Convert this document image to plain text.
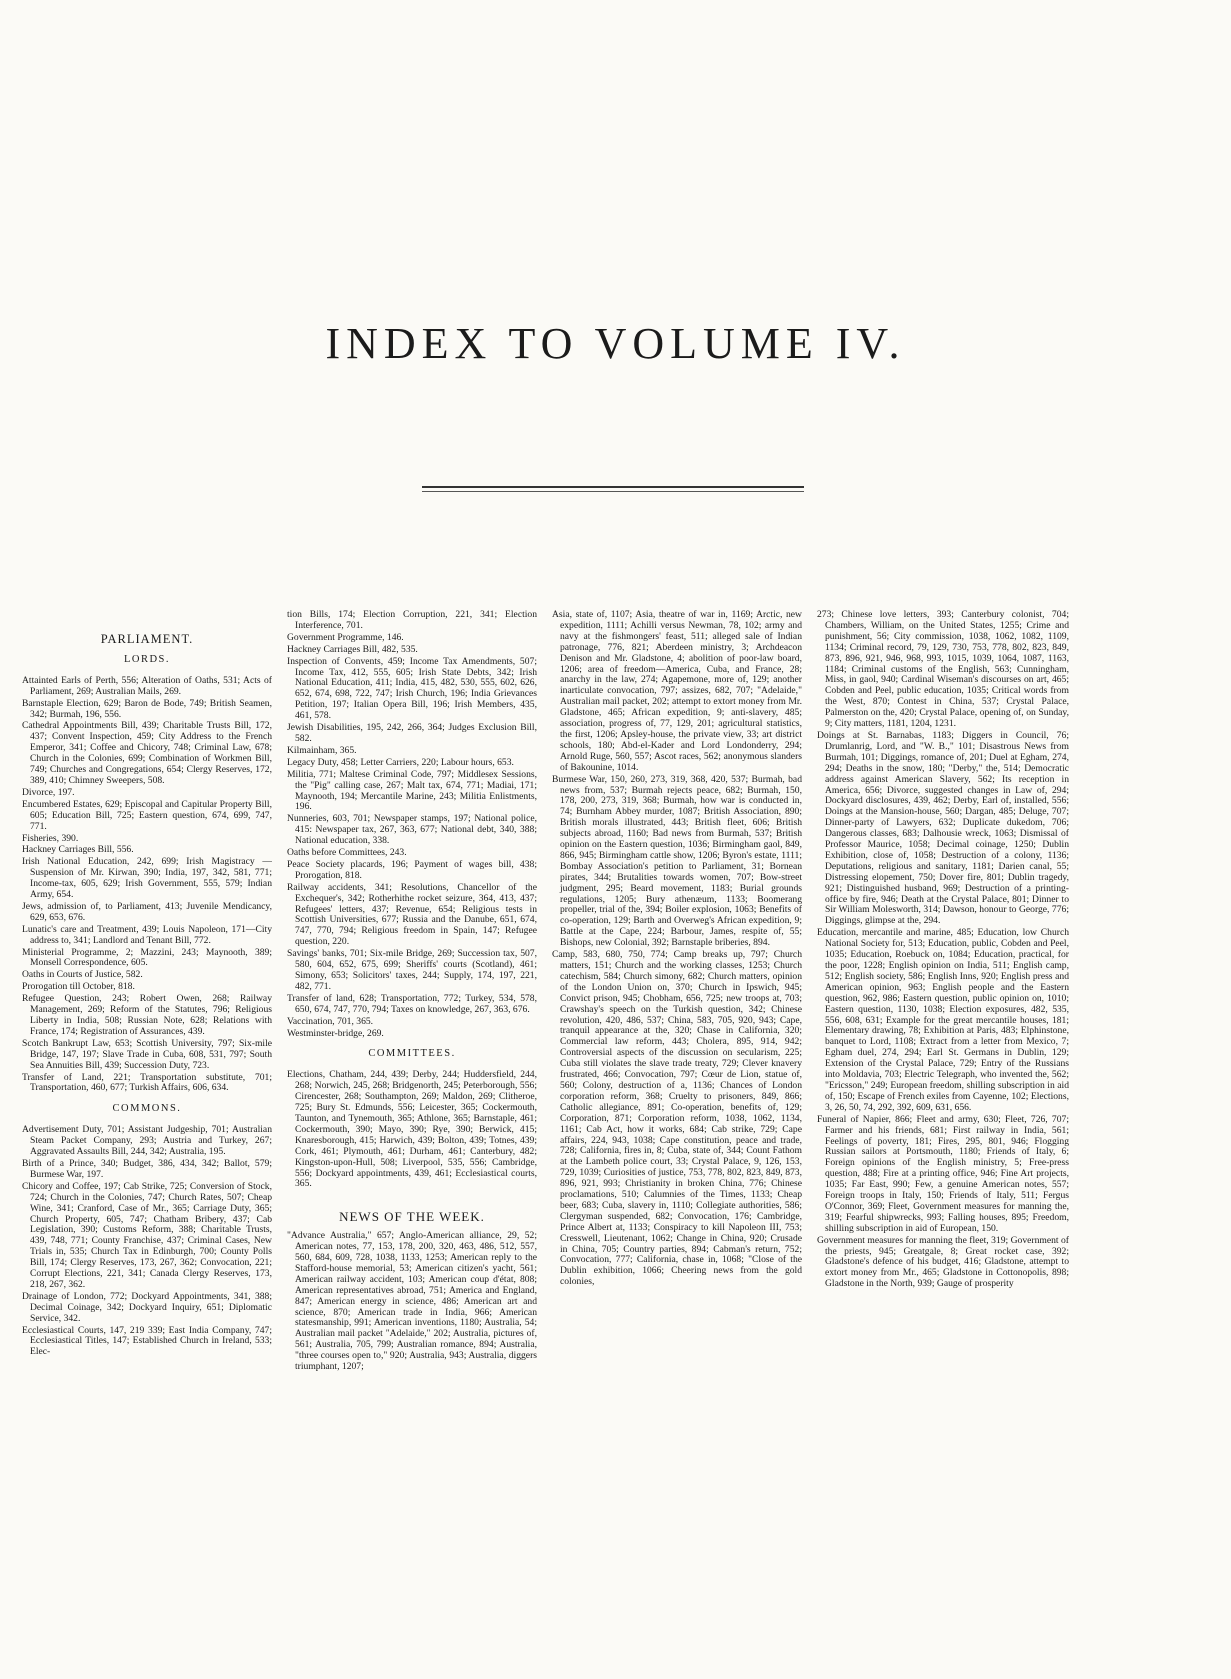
INDEX TO VOLUME IV.
PARLIAMENT.
LORDS.

Attainted Earls of Perth, 556; Alteration of Oaths, 531; Acts of Parliament, 269; Australian Mails, 269.

Barnstaple Election, 629; Baron de Bode, 749; British Seamen, 342; Burmah, 196, 556.

Cathedral Appointments Bill, 439; Charitable Trusts Bill, 172, 437; Convent Inspection, 459; City Address to the French Emperor, 341; Coffee and Chicory, 748; Criminal Law, 678; Church in the Colonies, 699; Combination of Workmen Bill, 749; Churches and Congregations, 654; Clergy Reserves, 172, 389, 410; Chimney Sweepers, 508.

Divorce, 197.

Encumbered Estates, 629; Episcopal and Capitular Property Bill, 605; Education Bill, 725; Eastern question, 674, 699, 747, 771.

Fisheries, 390.

Hackney Carriages Bill, 556.

Irish National Education, 242, 699; Irish Magistracy — Suspension of Mr. Kirwan, 390; India, 197, 342, 581, 771; Income-tax, 605, 629; Irish Government, 555, 579; Indian Army, 654.

Jews, admission of, to Parliament, 413; Juvenile Mendicancy, 629, 653, 676.

Lunatic's care and Treatment, 439; Louis Napoleon, 171—City address to, 341; Landlord and Tenant Bill, 772.

Ministerial Programme, 2; Mazzini, 243; Maynooth, 389; Monsell Correspondence, 605.

Oaths in Courts of Justice, 582.

Prorogation till October, 818.

Refugee Question, 243; Robert Owen, 268; Railway Management, 269; Reform of the Statutes, 796; Religious Liberty in India, 508; Russian Note, 628; Relations with France, 174; Registration of Assurances, 439.

Scotch Bankrupt Law, 653; Scottish University, 797; Six-mile Bridge, 147, 197; Slave Trade in Cuba, 608, 531, 797; South Sea Annuities Bill, 439; Succession Duty, 723.

Transfer of Land, 221; Transportation substitute, 701; Transportation, 460, 677; Turkish Affairs, 606, 634.

COMMONS.

Advertisement Duty, 701; Assistant Judgeship, 701; Australian Steam Packet Company, 293; Austria and Turkey, 267; Aggravated Assaults Bill, 244, 342; Australia, 195.

Birth of a Prince, 340; Budget, 386, 434, 342; Ballot, 579; Burmese War, 197.

Chicory and Coffee, 197; Cab Strike, 725; Conversion of Stock, 724; Church in the Colonies, 747; Church Rates, 507; Cheap Wine, 341; Cranford, Case of Mr., 365; Carriage Duty, 365; Church Property, 605, 747; Chatham Bribery, 437; Cab Legislation, 390; Customs Reform, 388; Charitable Trusts, 439, 748, 771; County Franchise, 437; Criminal Cases, New Trials in, 535; Church Tax in Edinburgh, 700; County Polls Bill, 174; Clergy Reserves, 173, 267, 362; Convocation, 221; Corrupt Elections, 221, 341; Canada Clergy Reserves, 173, 218, 267, 362.

Drainage of London, 772; Dockyard Appointments, 341, 388; Decimal Coinage, 342; Dockyard Inquiry, 651; Diplomatic Service, 342.

Ecclesiastical Courts, 147, 219 339; East India Company, 747; Ecclesiastical Titles, 147; Established Church in Ireland, 533; Elec-

tion Bills, 174; Election Corruption, 221, 341; Election Interference, 701.

Government Programme, 146.

Hackney Carriages Bill, 482, 535.

Inspection of Convents, 459; Income Tax Amendments, 507; Income Tax, 412, 555, 605; Irish State Debts, 342; Irish National Education, 411; India, 415, 482, 530, 555, 602, 626, 652, 674, 698, 722, 747; Irish Church, 196; India Grievances Petition, 197; Italian Opera Bill, 196; Irish Members, 435, 461, 578.

Jewish Disabilities, 195, 242, 266, 364; Judges Exclusion Bill, 582.

Kilmainham, 365.

Legacy Duty, 458; Letter Carriers, 220; Labour hours, 653.

Militia, 771; Maltese Criminal Code, 797; Middlesex Sessions, the "Pig" calling case, 267; Malt tax, 674, 771; Madiai, 171; Maynooth, 194; Mercantile Marine, 243; Militia Enlistments, 196.

Nunneries, 603, 701; Newspaper stamps, 197; National police, 415: Newspaper tax, 267, 363, 677; National debt, 340, 388; National education, 338.

Oaths before Committees, 243.

Peace Society placards, 196; Payment of wages bill, 438; Prorogation, 818.

Railway accidents, 341; Resolutions, Chancellor of the Exchequer's, 342; Rotherhithe rocket seizure, 364, 413, 437; Refugees' letters, 437; Revenue, 654; Religious tests in Scottish Universities, 677; Russia and the Danube, 651, 674, 747, 770, 794; Religious freedom in Spain, 147; Refugee question, 220.

Savings' banks, 701; Six-mile Bridge, 269; Succession tax, 507, 580, 604, 652, 675, 699; Sheriffs' courts (Scotland), 461; Simony, 653; Solicitors' taxes, 244; Supply, 174, 197, 221, 482, 771.

Transfer of land, 628; Transportation, 772; Turkey, 534, 578, 650, 674, 747, 770, 794; Taxes on knowledge, 267, 363, 676.

Vaccination, 701, 365.

Westminster-bridge, 269.

COMMITTEES.

Elections, Chatham, 244, 439; Derby, 244; Huddersfield, 244, 268; Norwich, 245, 268; Bridgenorth, 245; Peterborough, 556; Cirencester, 268; Southampton, 269; Maldon, 269; Clitheroe, 725; Bury St. Edmunds, 556; Leicester, 365; Cockermouth, Taunton, and Tynemouth, 365; Athlone, 365; Barnstaple, 461; Cockermouth, 390; Mayo, 390; Rye, 390; Berwick, 415; Knaresborough, 415; Harwich, 439; Bolton, 439; Totnes, 439; Cork, 461; Plymouth, 461; Durham, 461; Canterbury, 482; Kingston-upon-Hull, 508; Liverpool, 535, 556; Cambridge, 556; Dockyard appointments, 439, 461; Ecclesiastical courts, 365.

NEWS OF THE WEEK.

"Advance Australia," 657; Anglo-American alliance, 29, 52; American notes, 77, 153, 178, 200, 320, 463, 486, 512, 557, 560, 684, 609, 728, 1038, 1133, 1253; American reply to the Stafford-house memorial, 53; American citizen's yacht, 561; American railway accident, 103; American coup d'état, 808; American representatives abroad, 751; America and England, 847; American energy in science, 486; American art and science, 870; American trade in India, 966; American statesmanship, 991; American inventions, 1180; Australia, 54; Australian mail packet "Adelaide," 202; Australia, pictures of, 561; Australia, 705, 799; Australian romance, 894; Australia, "three courses open to," 920; Australia, 943; Australia, diggers triumphant, 1207;

Asia, state of, 1107; Asia, theatre of war in, 1169; Arctic, new expedition, 1111; Achilli versus Newman, 78, 102; army and navy at the fishmongers' feast, 511; alleged sale of Indian patronage, 776, 821; Aberdeen ministry, 3; Archdeacon Denison and Mr. Gladstone, 4; abolition of poor-law board, 1206; area of freedom—America, Cuba, and France, 28; anarchy in the law, 274; Agapemone, more of, 129; another inarticulate convocation, 797; assizes, 682, 707; "Adelaide," Australian mail packet, 202; attempt to extort money from Mr. Gladstone, 465; African expedition, 9; anti-slavery, 485; association, progress of, 77, 129, 201; agricultural statistics, the first, 1206; Apsley-house, the private view, 33; art district schools, 180; Abd-el-Kader and Lord Londonderry, 294; Arnold Ruge, 560, 557; Ascot races, 562; anonymous slanders of Bakounine, 1014.

Burmese War, 150, 260, 273, 319, 368, 420, 537; Burmah, bad news from, 537; Burmah rejects peace, 682; Burmah, 150, 178, 200, 273, 319, 368; Burmah, how war is conducted in, 74; Burnham Abbey murder, 1087; British Association, 890; British morals illustrated, 443; British fleet, 606; British subjects abroad, 1160; Bad news from Burmah, 537; British opinion on the Eastern question, 1036; Birmingham gaol, 849, 866, 945; Birmingham cattle show, 1206; Byron's estate, 1111; Bombay Association's petition to Parliament, 31; Bornean pirates, 344; Brutalities towards women, 707; Bow-street judgment, 295; Beard movement, 1183; Burial grounds regulations, 1205; Bury athenæum, 1133; Boomerang propeller, trial of the, 394; Boiler explosion, 1063; Benefits of co-operation, 129; Barth and Overweg's African expedition, 9; Battle at the Cape, 224; Barbour, James, respite of, 55; Bishops, new Colonial, 392; Barnstaple briberies, 894.

Camp, 583, 680, 750, 774; Camp breaks up, 797; Church matters, 151; Church and the working classes, 1253; Church catechism, 584; Church simony, 682; Church matters, opinion of the London Union on, 370; Church in Ipswich, 945; Convict prison, 945; Chobham, 656, 725; new troops at, 703; Crawshay's speech on the Turkish question, 342; Chinese revolution, 420, 486, 537; China, 583, 705, 920, 943; Cape, tranquil appearance at the, 320; Chase in California, 320; Commercial law reform, 443; Cholera, 895, 914, 942; Controversial aspects of the discussion on secularism, 225; Cuba still violates the slave trade treaty, 729; Clever knavery frustrated, 466; Convocation, 797; Cœur de Lion, statue of, 560; Colony, destruction of a, 1136; Chances of London corporation reform, 368; Cruelty to prisoners, 849, 866; Catholic allegiance, 891; Co-operation, benefits of, 129; Corporation, 871; Corporation reform, 1038, 1062, 1134, 1161; Cab Act, how it works, 684; Cab strike, 729; Cape affairs, 224, 943, 1038; Cape constitution, peace and trade, 728; California, fires in, 8; Cuba, state of, 344; Count Fathom at the Lambeth police court, 33; Crystal Palace, 9, 126, 153, 729, 1039; Curiosities of justice, 753, 778, 802, 823, 849, 873, 896, 921, 993; Christianity in broken China, 776; Chinese proclamations, 510; Calumnies of the Times, 1133; Cheap beer, 683; Cuba, slavery in, 1110; Collegiate authorities, 586; Clergyman suspended, 682; Convocation, 176; Cambridge, Prince Albert at, 1133; Conspiracy to kill Napoleon III, 753; Cresswell, Lieutenant, 1062; Change in China, 920; Crusade in China, 705; Country parties, 894; Cabman's return, 752; Convocation, 777; California, chase in, 1068; "Close of the Dublin exhibition, 1066; Cheering news from the gold colonies,

273; Chinese love letters, 393; Canterbury colonist, 704; Chambers, William, on the United States, 1255; Crime and punishment, 56; City commission, 1038, 1062, 1082, 1109, 1134; Criminal record, 79, 129, 730, 753, 778, 802, 823, 849, 873, 896, 921, 946, 968, 993, 1015, 1039, 1064, 1087, 1163, 1184; Criminal customs of the English, 563; Cunningham, Miss, in gaol, 940; Cardinal Wiseman's discourses on art, 465; Cobden and Peel, public education, 1035; Critical words from the West, 870; Contest in China, 537; Crystal Palace, Palmerston on the, 420; Crystal Palace, opening of, on Sunday, 9; City matters, 1181, 1204, 1231.

Doings at St. Barnabas, 1183; Diggers in Council, 76; Drumlanrig, Lord, and "W. B.," 101; Disastrous News from Burmah, 101; Diggings, romance of, 201; Duel at Egham, 274, 294; Deaths in the snow, 180; "Derby," the, 514; Democratic address against American Slavery, 562; Its reception in America, 656; Divorce, suggested changes in Law of, 294; Dockyard disclosures, 439, 462; Derby, Earl of, installed, 556; Doings at the Mansion-house, 560; Dargan, 485; Deluge, 707; Dinner-party of Lawyers, 632; Duplicate dukedom, 706; Dangerous classes, 683; Dalhousie wreck, 1063; Dismissal of Professor Maurice, 1058; Decimal coinage, 1250; Dublin Exhibition, close of, 1058; Destruction of a colony, 1136; Deputations, religious and sanitary, 1181; Darien canal, 55; Distressing elopement, 750; Dover fire, 801; Dublin tragedy, 921; Distinguished husband, 969; Destruction of a printing-office by fire, 946; Death at the Crystal Palace, 801; Dinner to Sir William Molesworth, 314; Dawson, honour to George, 776; Diggings, glimpse at the, 294.

Education, mercantile and marine, 485; Education, low Church National Society for, 513; Education, public, Cobden and Peel, 1035; Education, Roebuck on, 1084; Education, practical, for the poor, 1228; English opinion on India, 511; English camp, 512; English society, 586; English Inns, 920; English press and American opinion, 963; English people and the Eastern question, 962, 986; Eastern question, public opinion on, 1010; Eastern question, 1130, 1038; Election exposures, 482, 535, 556, 608, 631; Example for the great mercantile houses, 181; Elementary drawing, 78; Exhibition at Paris, 483; Elphinstone, banquet to Lord, 1108; Extract from a letter from Mexico, 7; Egham duel, 274, 294; Earl St. Germans in Dublin, 129; Extension of the Crystal Palace, 729; Entry of the Russians into Moldavia, 703; Electric Telegraph, who invented the, 562; "Ericsson," 249; European freedom, shilling subscription in aid of, 150; Escape of French exiles from Cayenne, 102; Elections, 3, 26, 50, 74, 292, 392, 609, 631, 656.

Funeral of Napier, 866; Fleet and army, 630; Fleet, 726, 707; Farmer and his friends, 681; First railway in India, 561; Feelings of poverty, 181; Fires, 295, 801, 946; Flogging Russian sailors at Portsmouth, 1180; Friends of Italy, 6; Foreign opinions of the English ministry, 5; Free-press question, 488; Fire at a printing office, 946; Fine Art projects, 1035; Far East, 990; Few, a genuine American notes, 557; Foreign troops in Italy, 150; Friends of Italy, 511; Fergus O'Connor, 369; Fleet, Government measures for manning the, 319; Fearful shipwrecks, 993; Falling houses, 895; Freedom, shilling subscription in aid of European, 150.

Government measures for manning the fleet, 319; Government of the priests, 945; Greatgale, 8; Great rocket case, 392; Gladstone's defence of his budget, 416; Gladstone, attempt to extort money from Mr., 465; Gladstone in Cottonopolis, 898; Gladstone in the North, 939; Gauge of prosperity
